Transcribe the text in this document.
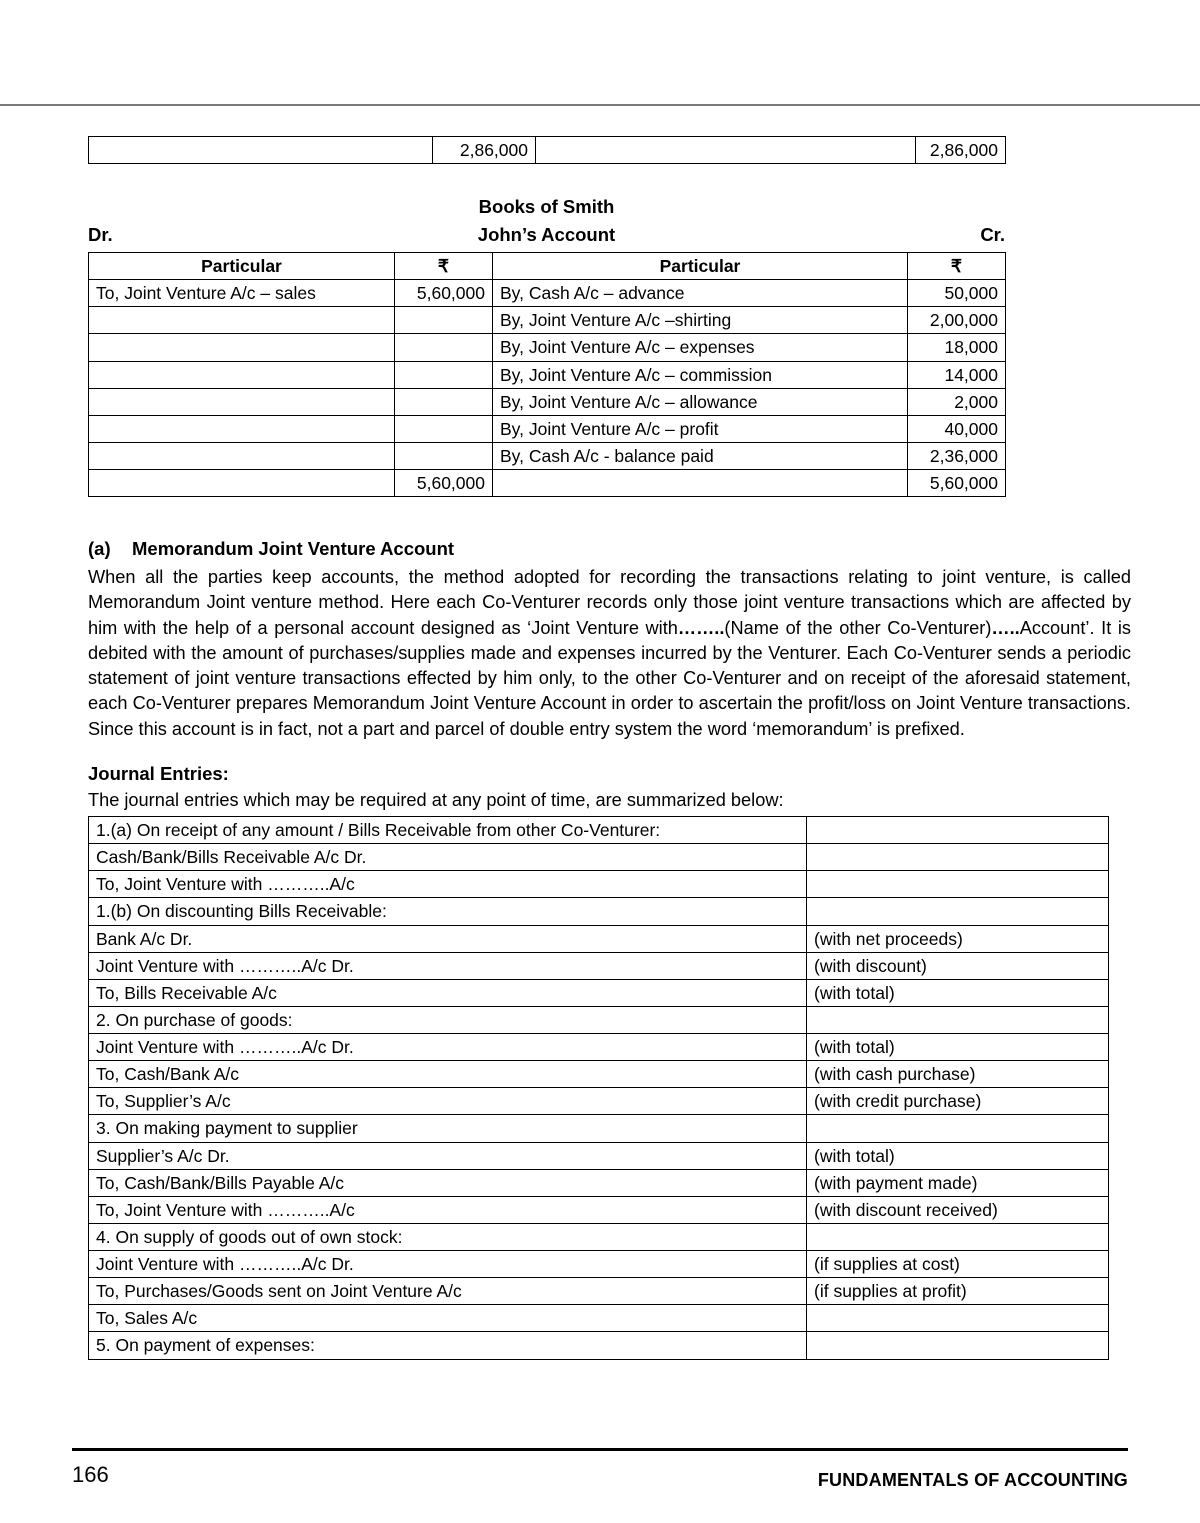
	2,86,000		2,86,000
Books of Smith
Dr.	John’s Account	Cr.
Particular	₹	Particular	₹
To, Joint Venture A/c – sales	5,60,000	By, Cash A/c – advance	50,000
		By, Joint Venture A/c –shirting	2,00,000
		By, Joint Venture A/c – expenses	18,000
		By, Joint Venture A/c – commission	14,000
		By, Joint Venture A/c – allowance	2,000
		By, Joint Venture A/c – profit	40,000
		By, Cash A/c - balance paid	2,36,000
	5,60,000		5,60,000
(a) Memorandum Joint Venture Account
When all the parties keep accounts, the method adopted for recording the transactions relating to joint venture, is called Memorandum Joint venture method. Here each Co-Venturer records only those joint venture transactions which are affected by him with the help of a personal account designed as ‘Joint Venture with……..(Name of the other Co-Venturer)…..Account’. It is debited with the amount of purchases/supplies made and expenses incurred by the Venturer. Each Co-Venturer sends a periodic statement of joint venture transactions effected by him only, to the other Co-Venturer and on receipt of the aforesaid statement, each Co-Venturer prepares Memorandum Joint Venture Account in order to ascertain the profit/loss on Joint Venture transactions. Since this account is in fact, not a part and parcel of double entry system the word ‘memorandum’ is prefixed.
Journal Entries:
The journal entries which may be required at any point of time, are summarized below:
1.(a) On receipt of any amount / Bills Receivable from other Co-Venturer:	
Cash/Bank/Bills Receivable A/c Dr.	
To, Joint Venture with ………..A/c	
1.(b) On discounting Bills Receivable:	
Bank A/c Dr.	(with net proceeds)
Joint Venture with ………..A/c Dr.	(with discount)
To, Bills Receivable A/c	(with total)
2. On purchase of goods:	
Joint Venture with ………..A/c Dr.	(with total)
To, Cash/Bank A/c	(with cash purchase)
To, Supplier’s A/c	(with credit purchase)
3. On making payment to supplier	
Supplier’s A/c Dr.	(with total)
To, Cash/Bank/Bills Payable A/c	(with payment made)
To, Joint Venture with ………..A/c	(with discount received)
4. On supply of goods out of own stock:	
Joint Venture with ………..A/c Dr.	(if supplies at cost)
To, Purchases/Goods sent on Joint Venture A/c	(if supplies at profit)
To, Sales A/c	
5. On payment of expenses:	
166	FUNDAMENTALS OF ACCOUNTING
